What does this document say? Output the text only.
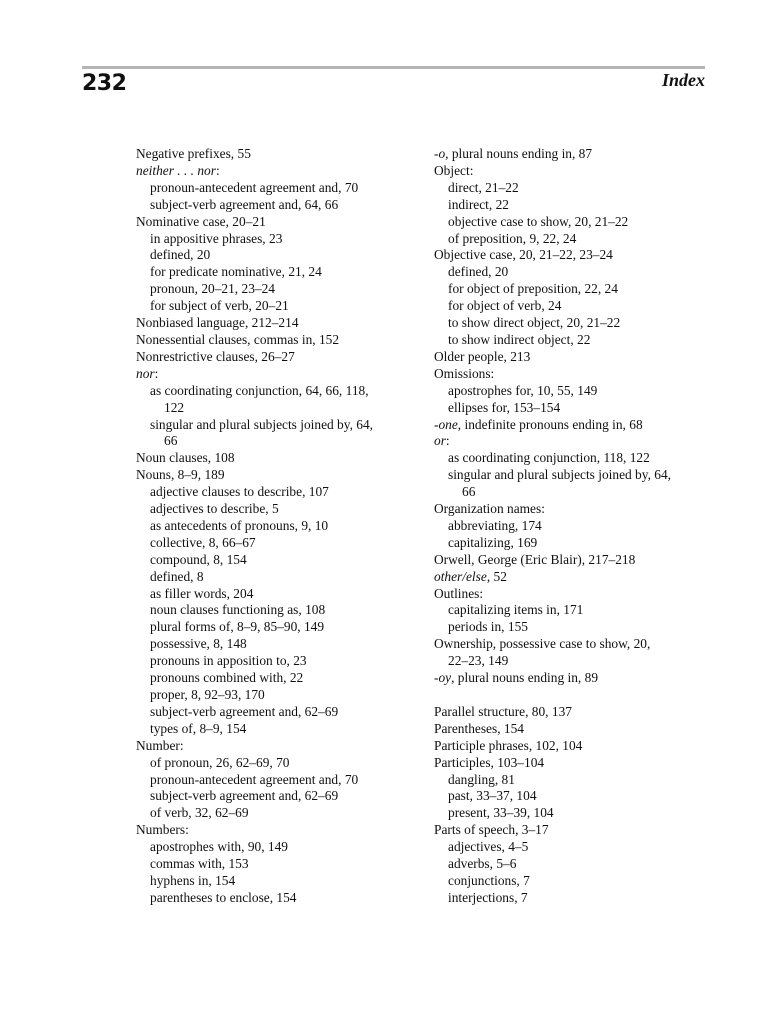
232	Index

Negative prefixes, 55

neither . . . nor:

pronoun-antecedent agreement and, 70

subject-verb agreement and, 64, 66

Nominative case, 20–21

in appositive phrases, 23

defined, 20

for predicate nominative, 21, 24

pronoun, 20–21, 23–24

for subject of verb, 20–21

Nonbiased language, 212–214

Nonessential clauses, commas in, 152

Nonrestrictive clauses, 26–27

nor:

as coordinating conjunction, 64, 66, 118,

122

singular and plural subjects joined by, 64,

66

Noun clauses, 108

Nouns, 8–9, 189

adjective clauses to describe, 107

adjectives to describe, 5

as antecedents of pronouns, 9, 10

collective, 8, 66–67

compound, 8, 154

defined, 8

as filler words, 204

noun clauses functioning as, 108

plural forms of, 8–9, 85–90, 149

possessive, 8, 148

pronouns in apposition to, 23

pronouns combined with, 22

proper, 8, 92–93, 170

subject-verb agreement and, 62–69

types of, 8–9, 154

Number:

of pronoun, 26, 62–69, 70

pronoun-antecedent agreement and, 70

subject-verb agreement and, 62–69

of verb, 32, 62–69

Numbers:

apostrophes with, 90, 149

commas with, 153

hyphens in, 154

parentheses to enclose, 154

-o, plural nouns ending in, 87

Object:

direct, 21–22

indirect, 22

objective case to show, 20, 21–22

of preposition, 9, 22, 24

Objective case, 20, 21–22, 23–24

defined, 20

for object of preposition, 22, 24

for object of verb, 24

to show direct object, 20, 21–22

to show indirect object, 22

Older people, 213

Omissions:

apostrophes for, 10, 55, 149

ellipses for, 153–154

-one, indefinite pronouns ending in, 68

or:

as coordinating conjunction, 118, 122

singular and plural subjects joined by, 64,

66

Organization names:

abbreviating, 174

capitalizing, 169

Orwell, George (Eric Blair), 217–218

other/else, 52

Outlines:

capitalizing items in, 171

periods in, 155

Ownership, possessive case to show, 20,

22–23, 149

-oy, plural nouns ending in, 89

Parallel structure, 80, 137

Parentheses, 154

Participle phrases, 102, 104

Participles, 103–104

dangling, 81

past, 33–37, 104

present, 33–39, 104

Parts of speech, 3–17

adjectives, 4–5

adverbs, 5–6

conjunctions, 7

interjections, 7
